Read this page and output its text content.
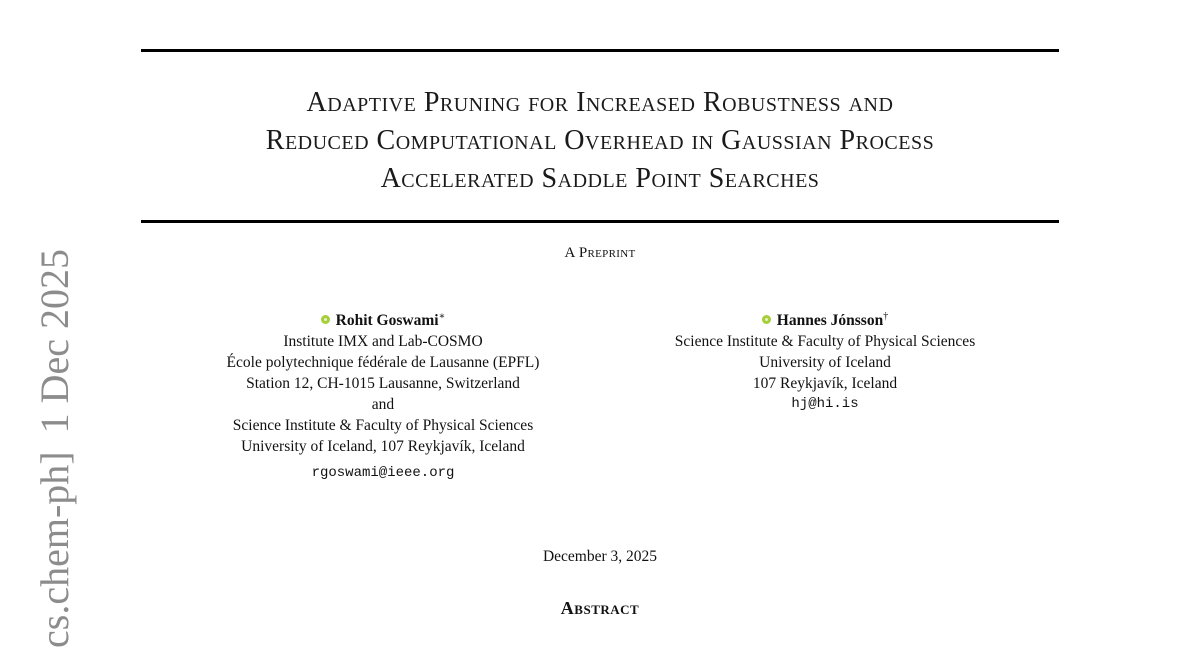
cs.chem-ph]1 Dec 2025
Adaptive Pruning for Increased Robustness and
Reduced Computational Overhead in Gaussian Process
Accelerated Saddle Point Searches
A Preprint
Rohit Goswami∗
Institute IMX and Lab-COSMO
École polytechnique fédérale de Lausanne (EPFL)
Station 12, CH-1015 Lausanne, Switzerland
and
Science Institute & Faculty of Physical Sciences
University of Iceland, 107 Reykjavík, Iceland
rgoswami@ieee.org
Hannes Jónsson†
Science Institute & Faculty of Physical Sciences
University of Iceland
107 Reykjavík, Iceland
hj@hi.is
December 3, 2025
Abstract
